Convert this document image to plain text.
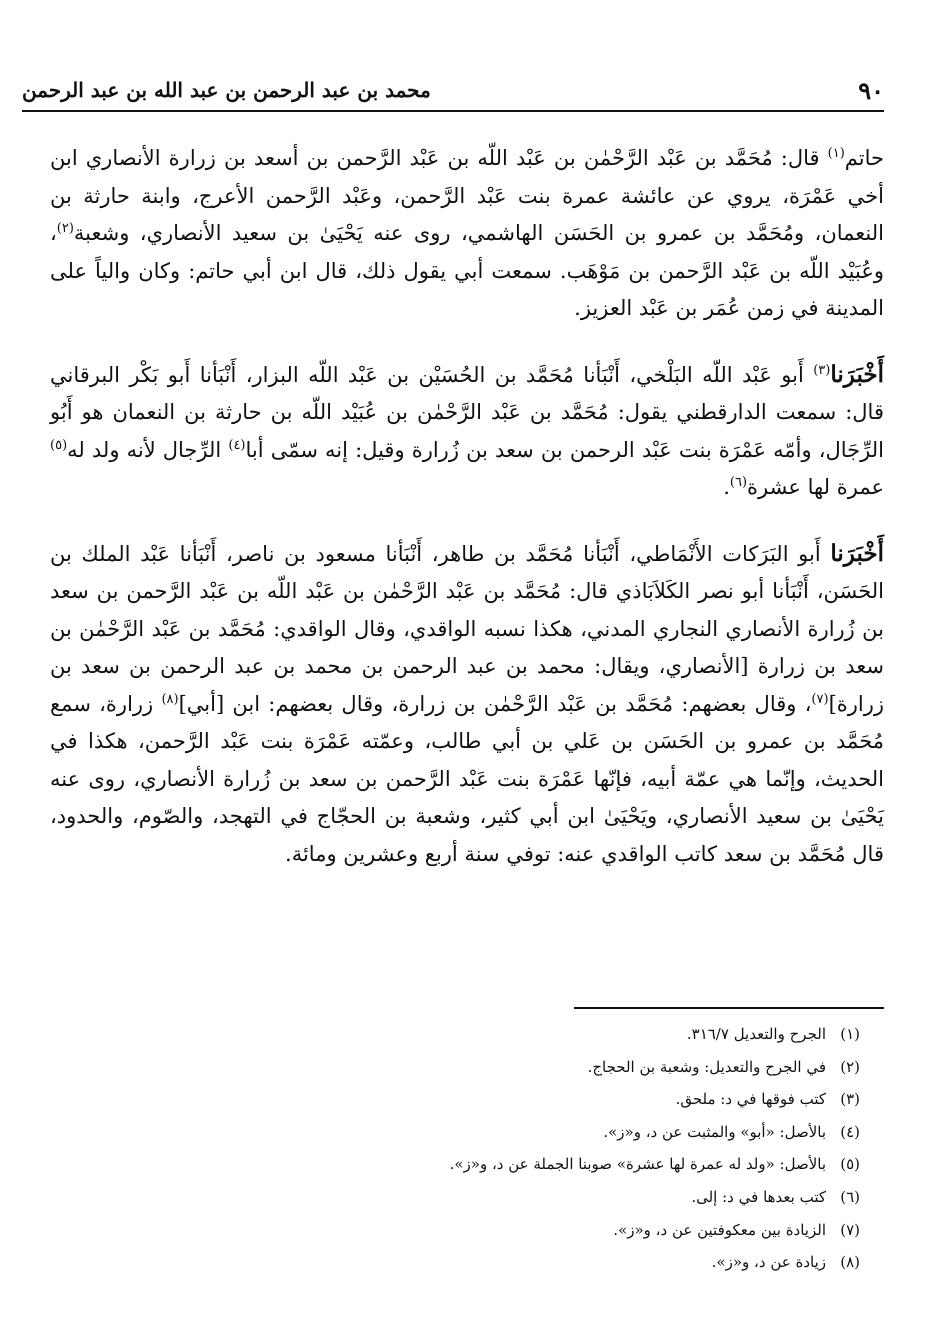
٩٠
محمد بن عبد الرحمن بن عبد الله بن عبد الرحمن

حاتم$^{(١)}$ قال: مُحَمَّد بن عَبْد الرَّحْمٰن بن عَبْد اللّه بن عَبْد الرَّحمن بن أسعد بن زرارة الأنصاري ابن أخي عَمْرَة، يروي عن عائشة عمرة بنت عَبْد الرَّحمن، وعَبْد الرَّحمن الأعرج، وابنة حارثة بن النعمان، ومُحَمَّد بن عمرو بن الحَسَن الهاشمي، روى عنه يَحْيَىٰ بن سعيد الأنصاري، وشعبة$^{(٢)}$، وعُبَيْد اللّه بن عَبْد الرَّحمن بن مَوْهَب. سمعت أبي يقول ذلك، قال ابن أبي حاتم: وكان والياً على المدينة في زمن عُمَر بن عَبْد العزيز.

أَخْبَرَنا$^{(٣)}$ أَبو عَبْد اللّه البَلْخي، أَنْبَأنا مُحَمَّد بن الحُسَيْن بن عَبْد اللّه البزار، أَنْبَأنا أَبو بَكْر البرقاني قال: سمعت الدارقطني يقول: مُحَمَّد بن عَبْد الرَّحْمٰن بن عُبَيْد اللّه بن حارثة بن النعمان هو أَبُو الرِّجَال، وأمّه عَمْرَة بنت عَبْد الرحمن بن سعد بن زُرارة وقيل: إنه سمّى أبا$^{(٤)}$ الرِّجال لأنه ولد له$^{(٥)}$ عمرة لها عشرة$^{(٦)}$.

أَخْبَرَنا أَبو البَرَكات الأَنْمَاطي، أَنْبَأنا مُحَمَّد بن طاهر، أَنْبَأنا مسعود بن ناصر، أَنْبَأنا عَبْد الملك بن الحَسَن، أَنْبَأنا أبو نصر الكَلاَبَاذي قال: مُحَمَّد بن عَبْد الرَّحْمٰن بن عَبْد اللّه بن عَبْد الرَّحمن بن سعد بن زُرارة الأنصاري النجاري المدني، هكذا نسبه الواقدي، وقال الواقدي: مُحَمَّد بن عَبْد الرَّحْمٰن بن سعد بن زرارة [الأنصاري، ويقال: محمد بن عبد الرحمن بن محمد بن عبد الرحمن بن سعد بن زرارة]$^{(٧)}$، وقال بعضهم: مُحَمَّد بن عَبْد الرَّحْمٰن بن زرارة، وقال بعضهم: ابن [أبي]$^{(٨)}$ زرارة، سمع مُحَمَّد بن عمرو بن الحَسَن بن عَلي بن أبي طالب، وعمّته عَمْرَة بنت عَبْد الرَّحمن، هكذا في الحديث، وإنّما هي عمّة أبيه، فإنّها عَمْرَة بنت عَبْد الرَّحمن بن سعد بن زُرارة الأنصاري، روى عنه يَحْيَىٰ بن سعيد الأنصاري، ويَحْيَىٰ ابن أبي كثير، وشعبة بن الحجّاج في التهجد، والصّوم، والحدود، قال مُحَمَّد بن سعد كاتب الواقدي عنه: توفي سنة أربع وعشرين ومائة.

(١)الجرح والتعديل ٣١٦/٧.
(٢)في الجرح والتعديل: وشعبة بن الحجاج.
(٣)كتب فوقها في د: ملحق.
(٤)بالأصل: «أبو» والمثبت عن د، و«ز».
(٥)بالأصل: «ولد له عمرة لها عشرة» صوبنا الجملة عن د، و«ز».
(٦)كتب بعدها في د: إلى.
(٧)الزيادة بين معكوفتين عن د، و«ز».
(٨)زيادة عن د، و«ز».
